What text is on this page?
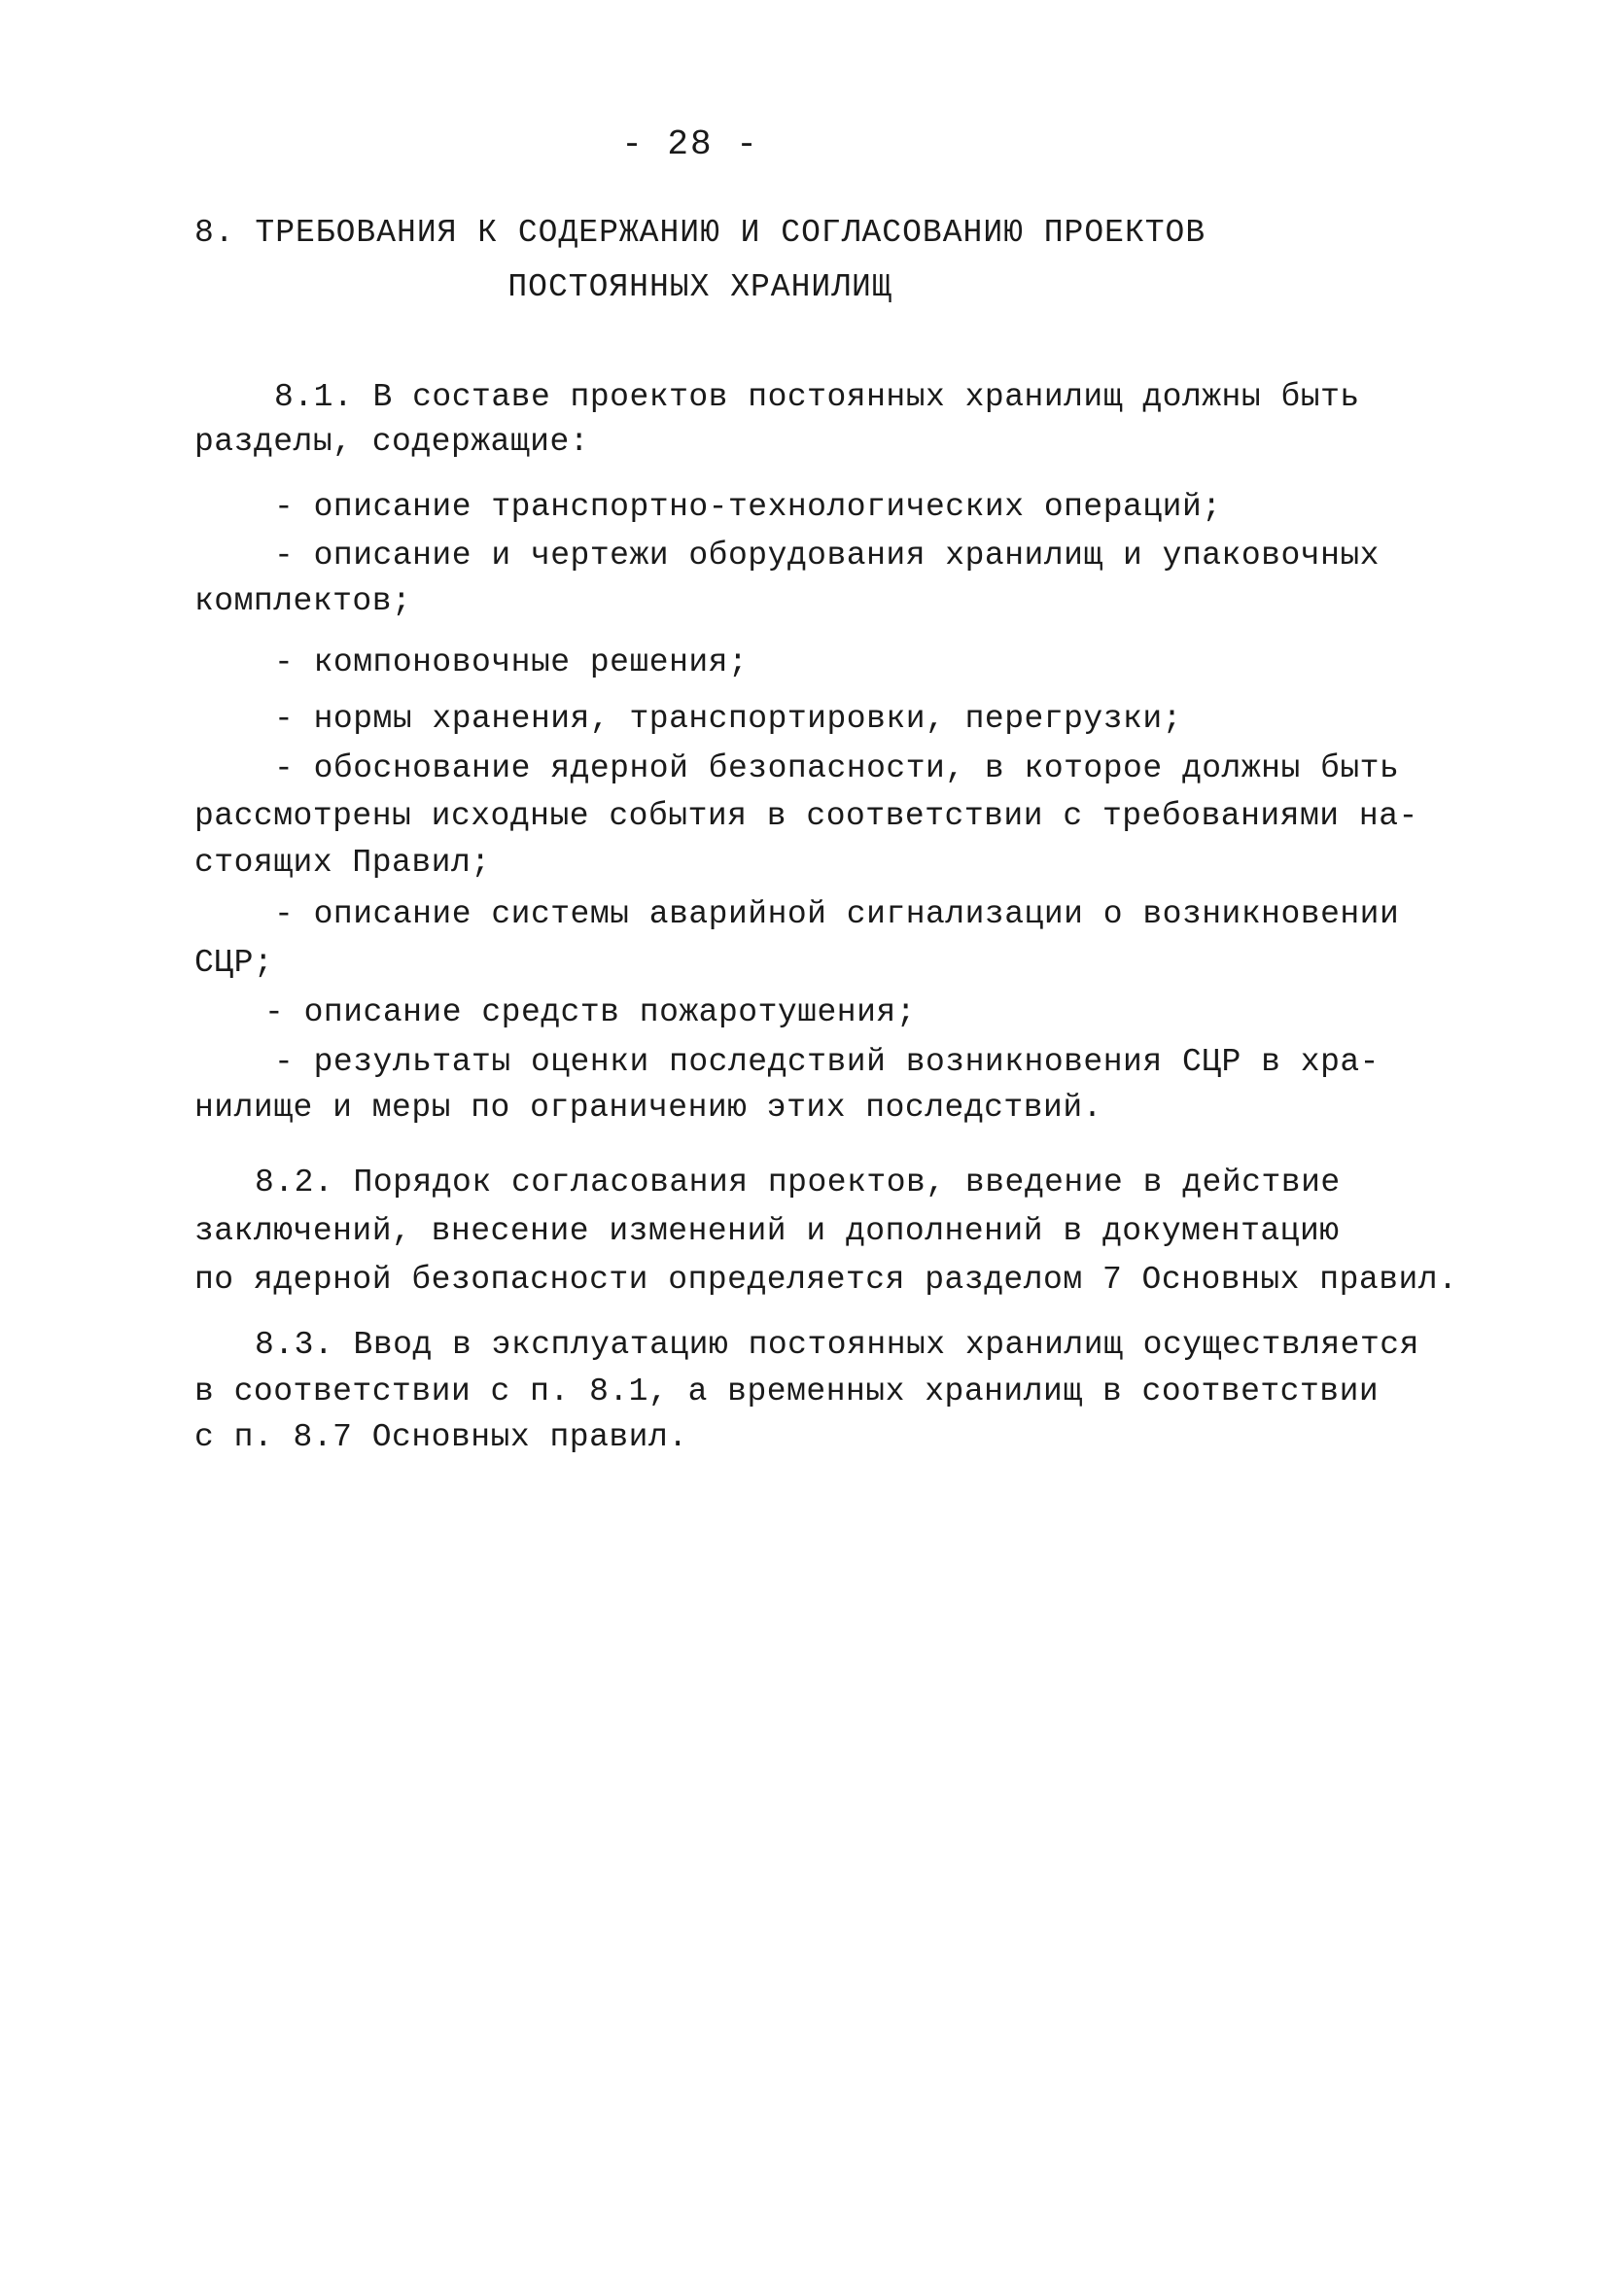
- 28 -
8. ТРЕБОВАНИЯ К СОДЕРЖАНИЮ И СОГЛАСОВАНИЮ ПРОЕКТОВ
ПОСТОЯННЫХ ХРАНИЛИЩ
8.1. В составе проектов постоянных хранилищ должны быть
разделы, содержащие:
- описание транспортно-технологических операций;
- описание и чертежи оборудования хранилищ и упаковочных
комплектов;
- компоновочные решения;
- нормы хранения, транспортировки, перегрузки;
- обоснование ядерной безопасности, в которое должны быть
рассмотрены исходные события в соответствии с требованиями на-
стоящих Правил;
- описание системы аварийной сигнализации о возникновении
СЦР;
- описание средств пожаротушения;
- результаты оценки последствий возникновения СЦР в хра-
нилище и меры по ограничению этих последствий.
8.2. Порядок согласования проектов, введение в действие
заключений, внесение изменений и дополнений в документацию
по ядерной безопасности определяется разделом 7 Основных правил.
8.3. Ввод в эксплуатацию постоянных хранилищ осуществляется
в соответствии с п. 8.1, а временных хранилищ в соответствии
с п. 8.7 Основных правил.
